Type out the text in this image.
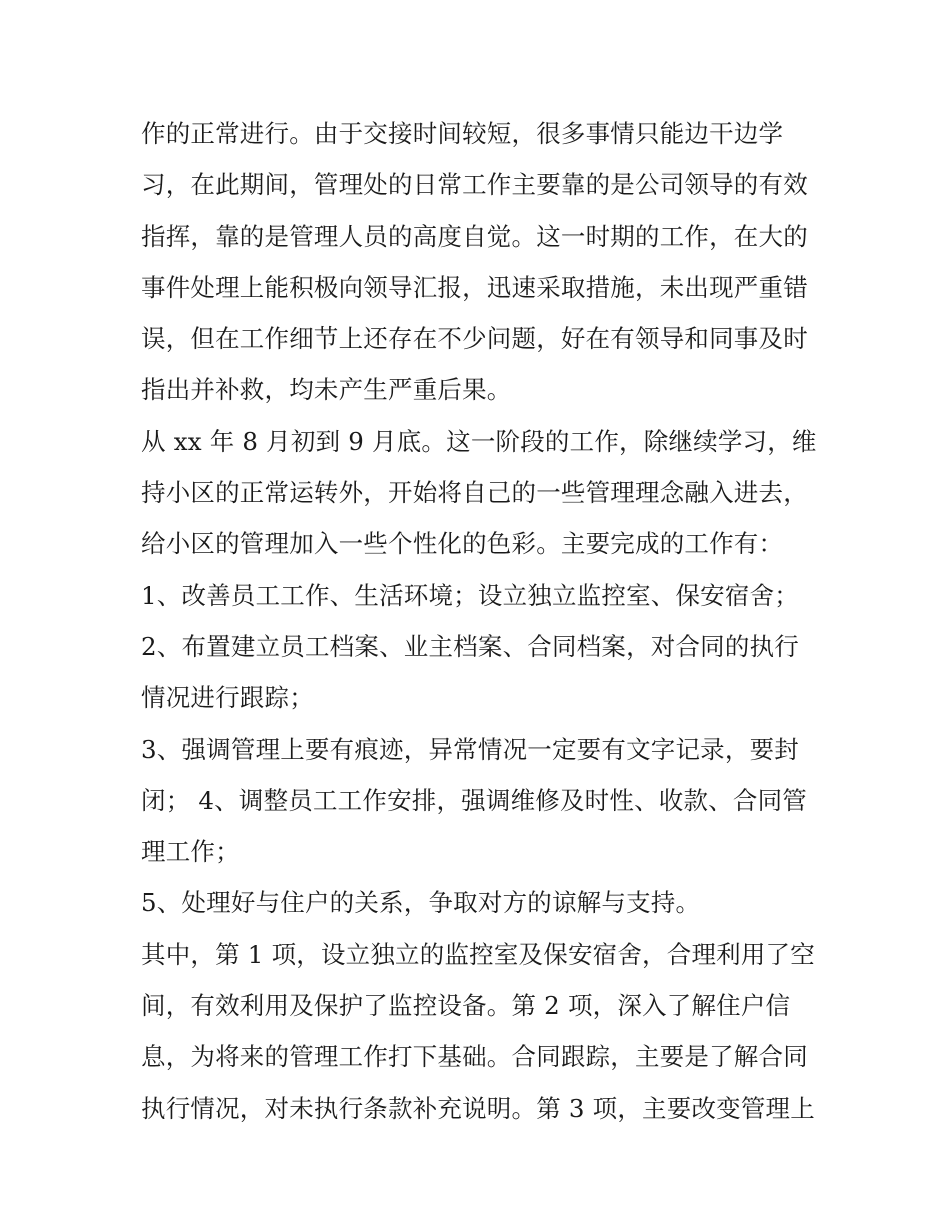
作的正常进行。由于交接时间较短，很多事情只能边干边学
习，在此期间，管理处的日常工作主要靠的是公司领导的有效
指挥，靠的是管理人员的高度自觉。这一时期的工作，在大的
事件处理上能积极向领导汇报，迅速采取措施，未出现严重错
误，但在工作细节上还存在不少问题，好在有领导和同事及时
指出并补救，均未产生严重后果。
从 xx 年 8 月初到 9 月底。这一阶段的工作，除继续学习，维
持小区的正常运转外，开始将自己的一些管理理念融入进去，
给小区的管理加入一些个性化的色彩。主要完成的工作有：
1、改善员工工作、生活环境；设立独立监控室、保安宿舍；
2、布置建立员工档案、业主档案、合同档案，对合同的执行
情况进行跟踪；
3、强调管理上要有痕迹，异常情况一定要有文字记录，要封
闭； 4、调整员工工作安排，强调维修及时性、收款、合同管
理工作；
5、处理好与住户的关系，争取对方的谅解与支持。
其中，第 1 项，设立独立的监控室及保安宿舍，合理利用了空
间，有效利用及保护了监控设备。第 2 项，深入了解住户信
息，为将来的管理工作打下基础。合同跟踪，主要是了解合同
执行情况，对未执行条款补充说明。第 3 项，主要改变管理上
